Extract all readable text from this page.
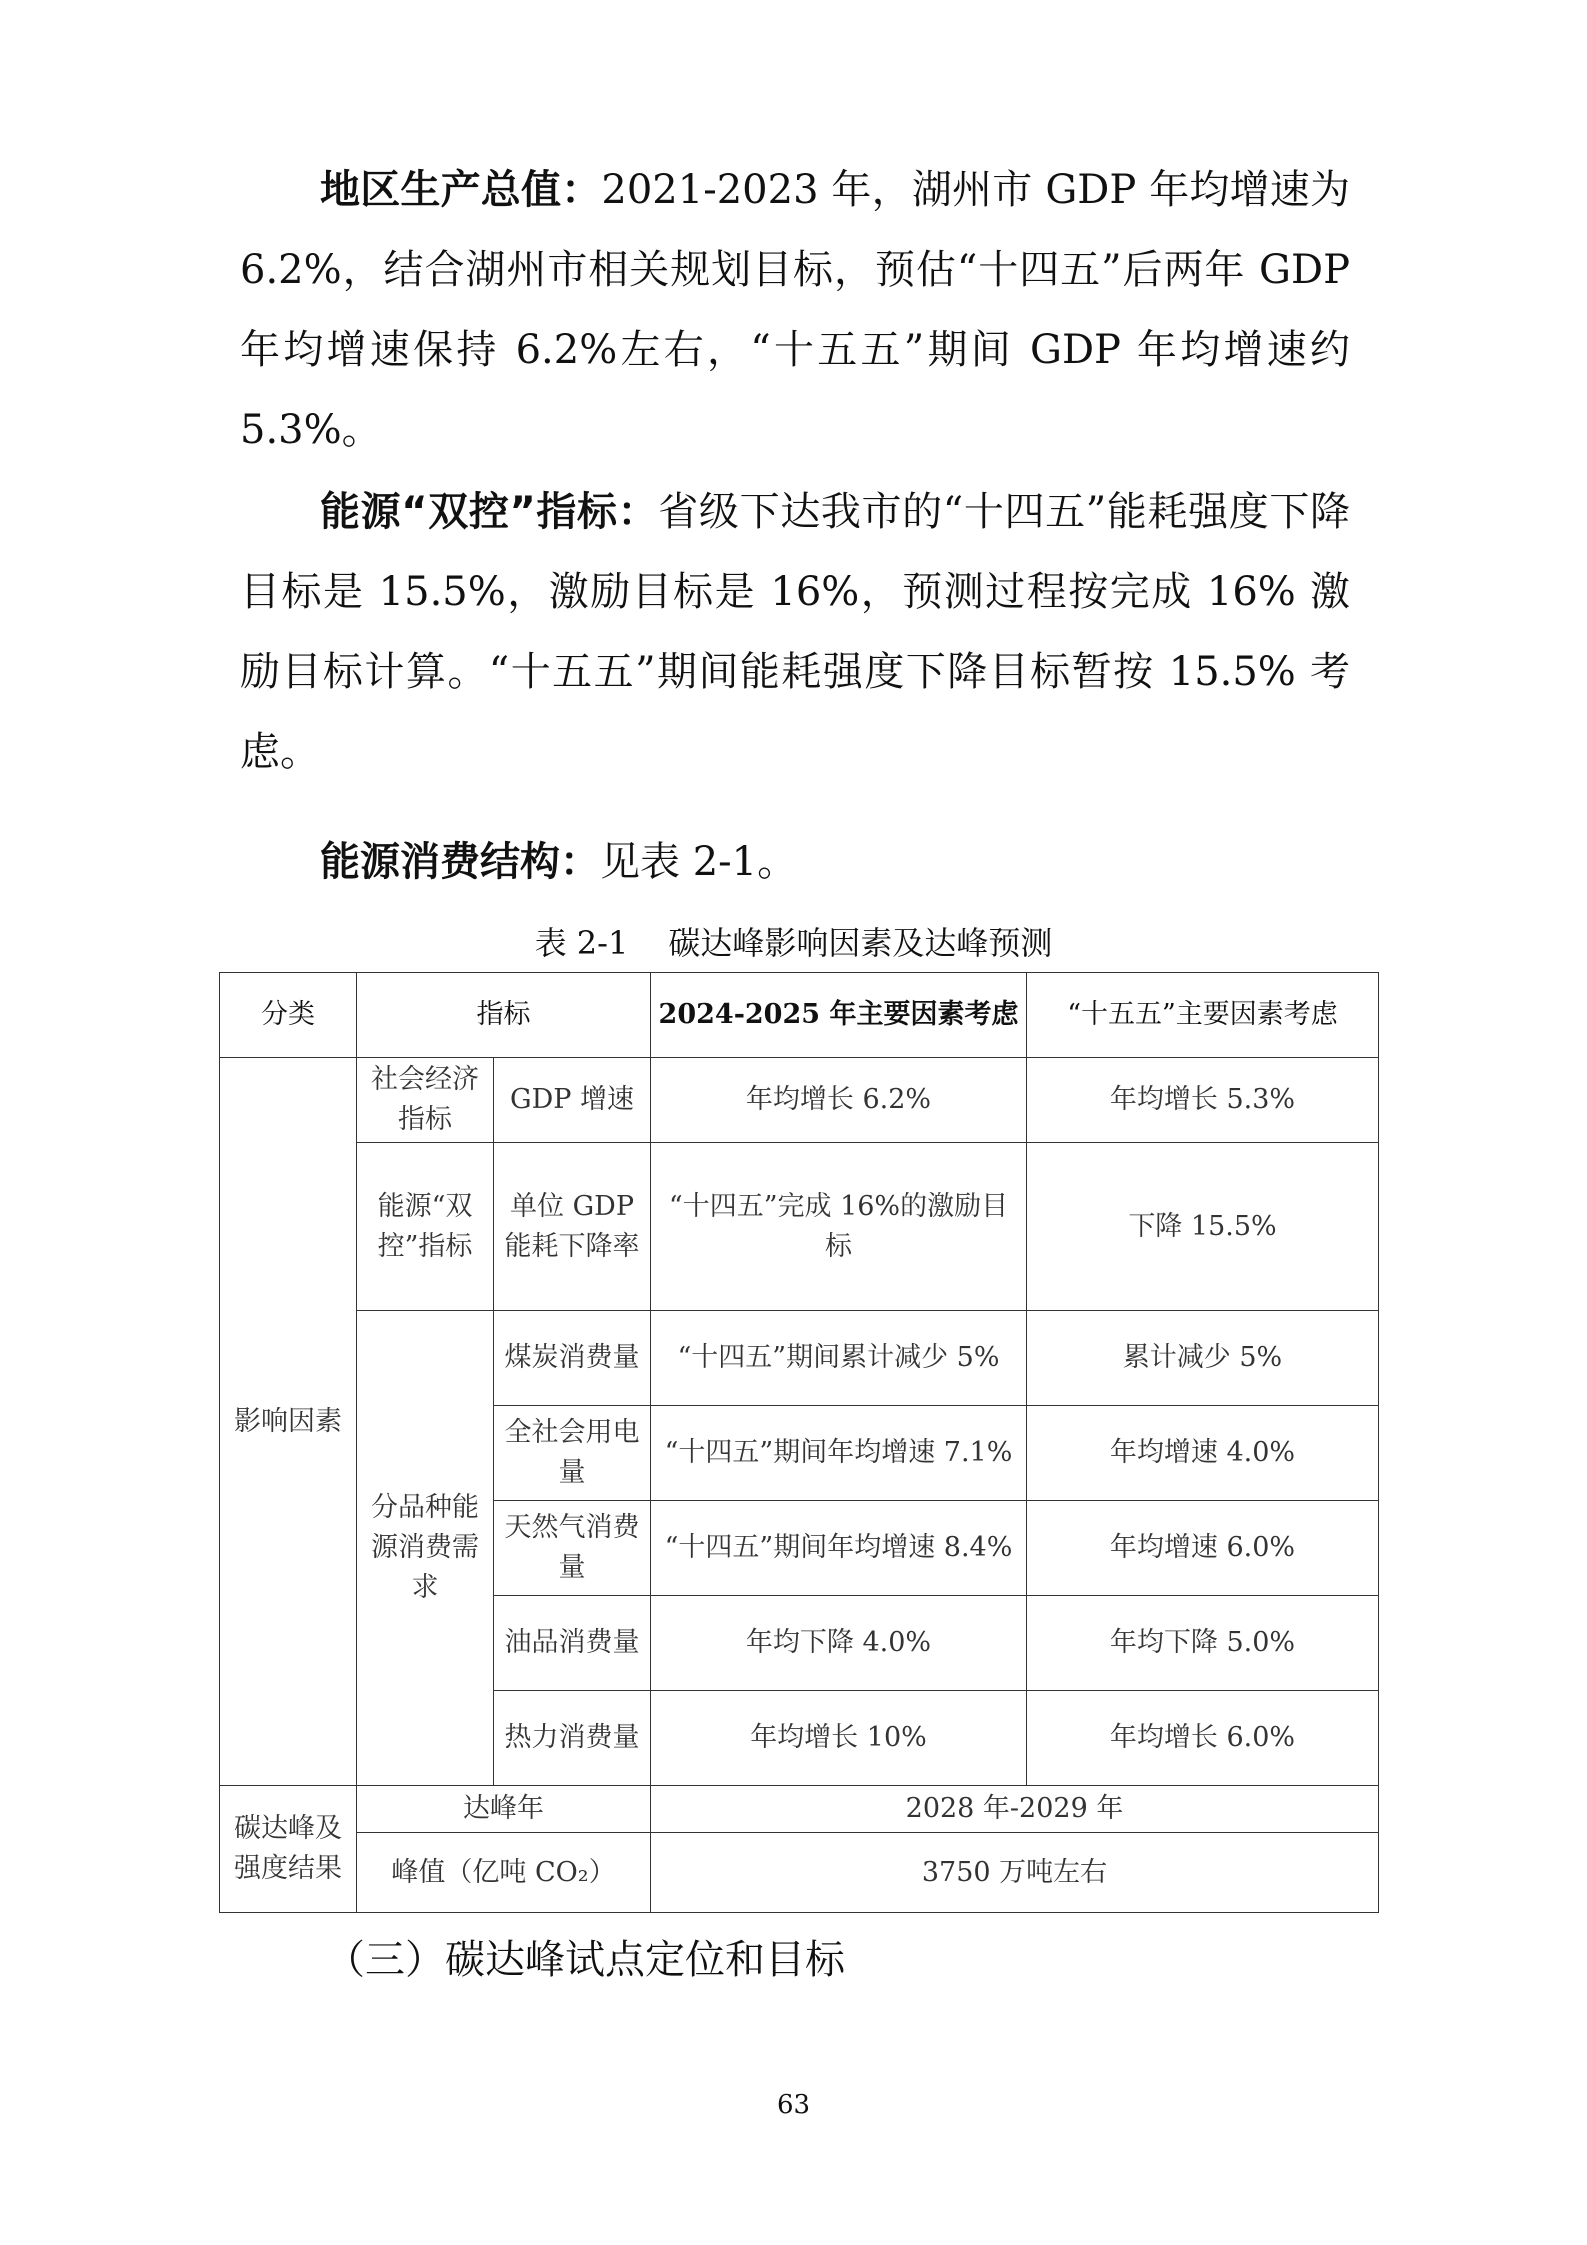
地区生产总值：2021-2023 年，湖州市 GDP 年均增速为 6.2%，结合湖州市相关规划目标，预估“十四五”后两年 GDP 年均增速保持 6.2%左右，“十五五”期间 GDP 年均增速约 5.3%。

能源“双控”指标：省级下达我市的“十四五”能耗强度下降目标是 15.5%，激励目标是 16%，预测过程按完成 16% 激励目标计算。“十五五”期间能耗强度下降目标暂按 15.5% 考虑。

能源消费结构：见表 2-1。

表 2-1 碳达峰影响因素及达峰预测
分类	指标		2024-2025 年主要因素考虑	“十五五”主要因素考虑
影响因素	社会经济指标	GDP 增速	年均增长 6.2%	年均增长 5.3%
	能源“双控”指标	单位 GDP 能耗下降率	“十四五”完成 16%的激励目标	下降 15.5%
	分品种能源消费需求	煤炭消费量	“十四五”期间累计减少 5%	累计减少 5%
		全社会用电量	“十四五”期间年均增速 7.1%	年均增速 4.0%
		天然气消费量	“十四五”期间年均增速 8.4%	年均增速 6.0%
		油品消费量	年均下降 4.0%	年均下降 5.0%
		热力消费量	年均增长 10%	年均增长 6.0%
碳达峰及强度结果	达峰年		2028 年-2029 年	
	峰值（亿吨 CO₂）		3750 万吨左右	
（三）碳达峰试点定位和目标
63
